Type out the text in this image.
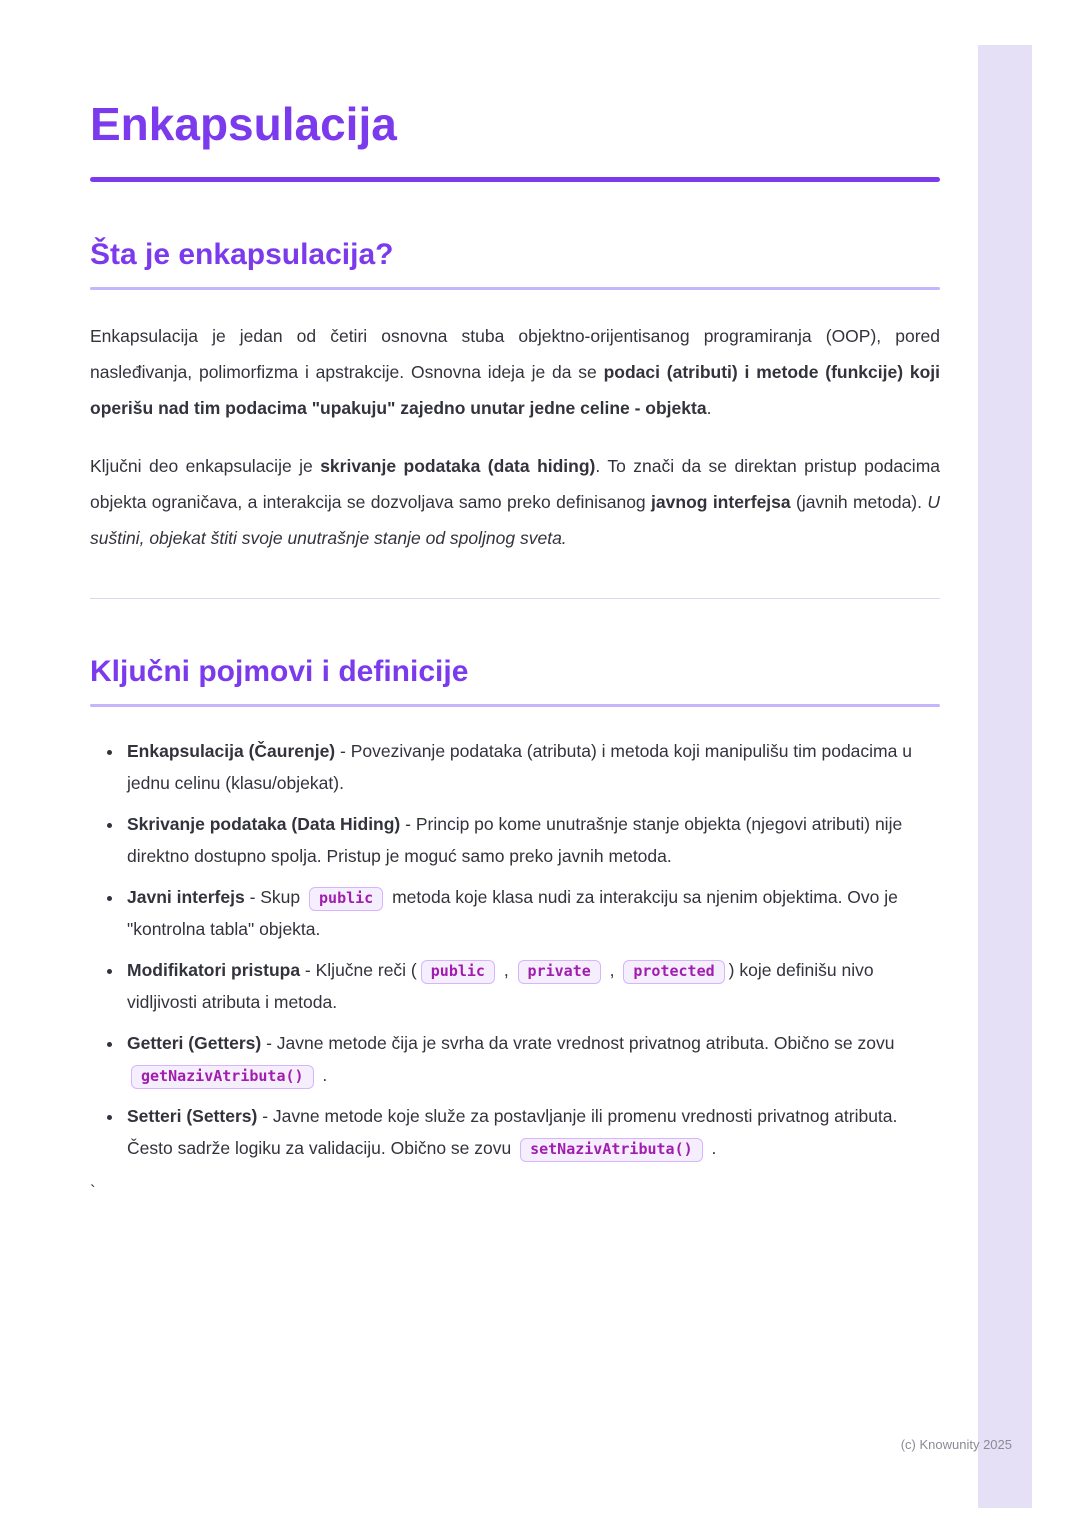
Enkapsulacija
Šta je enkapsulacija?

Enkapsulacija je jedan od četiri osnovna stuba objektno-orijentisanog programiranja (OOP), pored nasleđivanja, polimorfizma i apstrakcije. Osnovna ideja je da se podaci (atributi) i metode (funkcije) koji operišu nad tim podacima "upakuju" zajedno unutar jedne celine - objekta.

Ključni deo enkapsulacije je skrivanje podataka (data hiding). To znači da se direktan pristup podacima objekta ograničava, a interakcija se dozvoljava samo preko definisanog javnog interfejsa (javnih metoda). U suštini, objekat štiti svoje unutrašnje stanje od spoljnog sveta.

Ključni pojmovi i definicije
• Enkapsulacija (Čaurenje) - Povezivanje podataka (atributa) i metoda koji manipulišu tim podacima u jednu celinu (klasu/objekat).
• Skrivanje podataka (Data Hiding) - Princip po kome unutrašnje stanje objekta (njegovi atributi) nije direktno dostupno spolja. Pristup je moguć samo preko javnih metoda.
• Javni interfejs - Skup public metoda koje klasa nudi za interakciju sa njenim objektima. Ovo je "kontrolna tabla" objekta.
• Modifikatori pristupa - Ključne reči ( public , private , protected ) koje definišu nivo vidljivosti atributa i metoda.
• Getteri (Getters) - Javne metode čija je svrha da vrate vrednost privatnog atributa. Obično se zovu getNazivAtributa() .
• Setteri (Setters) - Javne metode koje služe za postavljanje ili promenu vrednosti privatnog atributa. Često sadrže logiku za validaciju. Obično se zovu setNazivAtributa() .
`
(c) Knowunity 2025
